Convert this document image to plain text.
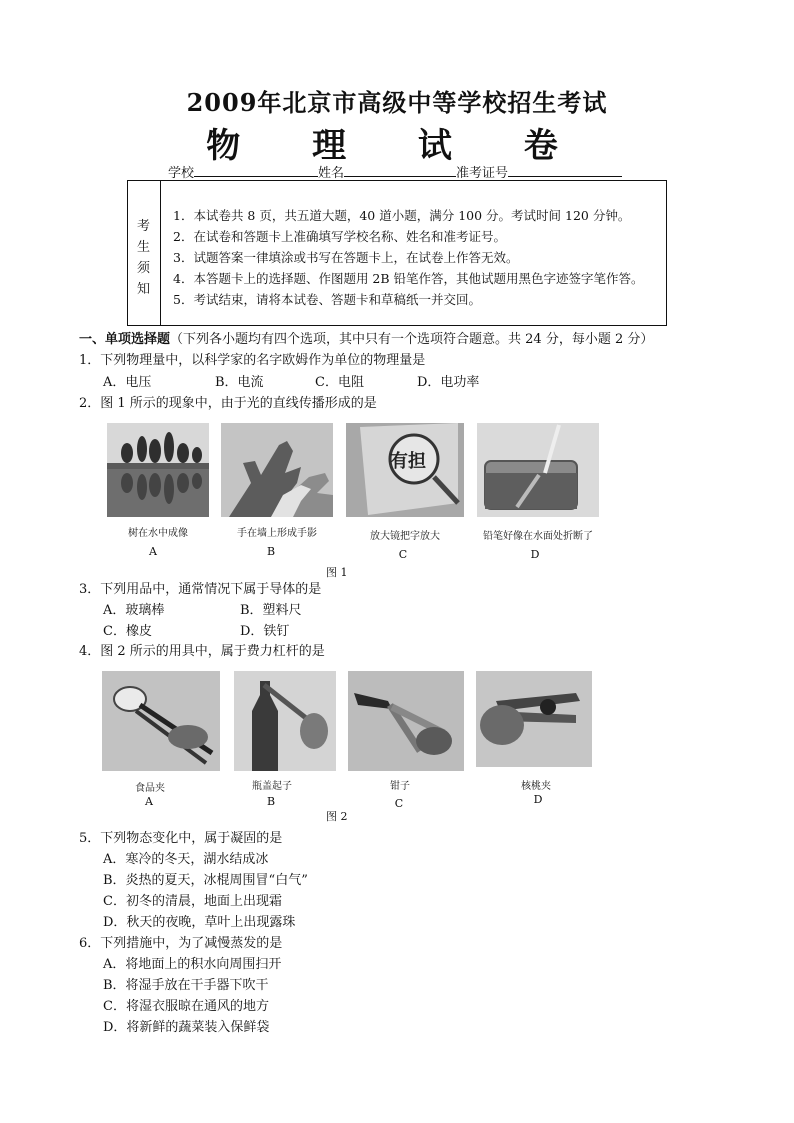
2009年北京市高级中等学校招生考试
物 理 试 卷
学校	姓名	准考证号
考
生
须
知
1．本试卷共 8 页，共五道大题，40 道小题，满分 100 分。考试时间 120 分钟。
2．在试卷和答题卡上准确填写学校名称、姓名和准考证号。
3．试题答案一律填涂或书写在答题卡上，在试卷上作答无效。
4．本答题卡上的选择题、作图题用 2B 铅笔作答，其他试题用黑色字迹签字笔作答。
5．考试结束，请将本试卷、答题卡和草稿纸一并交回。
一、单项选择题（下列各小题均有四个选项，其中只有一个选项符合题意。共 24 分，每小题 2 分）
1．下列物理量中，以科学家的名字欧姆作为单位的物理量是
A．电压	B．电流	C．电阻	D．电功率
2．图 1 所示的现象中，由于光的直线传播形成的是
有担
树在水中成像	手在墙上形成手影	放大镜把字放大	铅笔好像在水面处折断了
A	B	C	D
图 1
3．下列用品中，通常情况下属于导体的是
A．玻璃棒	B．塑料尺
C．橡皮	D．铁钉
4．图 2 所示的用具中，属于费力杠杆的是
食品夹	瓶盖起子	钳子	核桃夹
A	B	C	D
图 2
5．下列物态变化中，属于凝固的是
A．寒冷的冬天，湖水结成冰
B．炎热的夏天，冰棍周围冒“白气”
C．初冬的清晨，地面上出现霜
D．秋天的夜晚，草叶上出现露珠
6．下列措施中，为了减慢蒸发的是
A．将地面上的积水向周围扫开
B．将湿手放在干手器下吹干
C．将湿衣服晾在通风的地方
D．将新鲜的蔬菜装入保鲜袋
